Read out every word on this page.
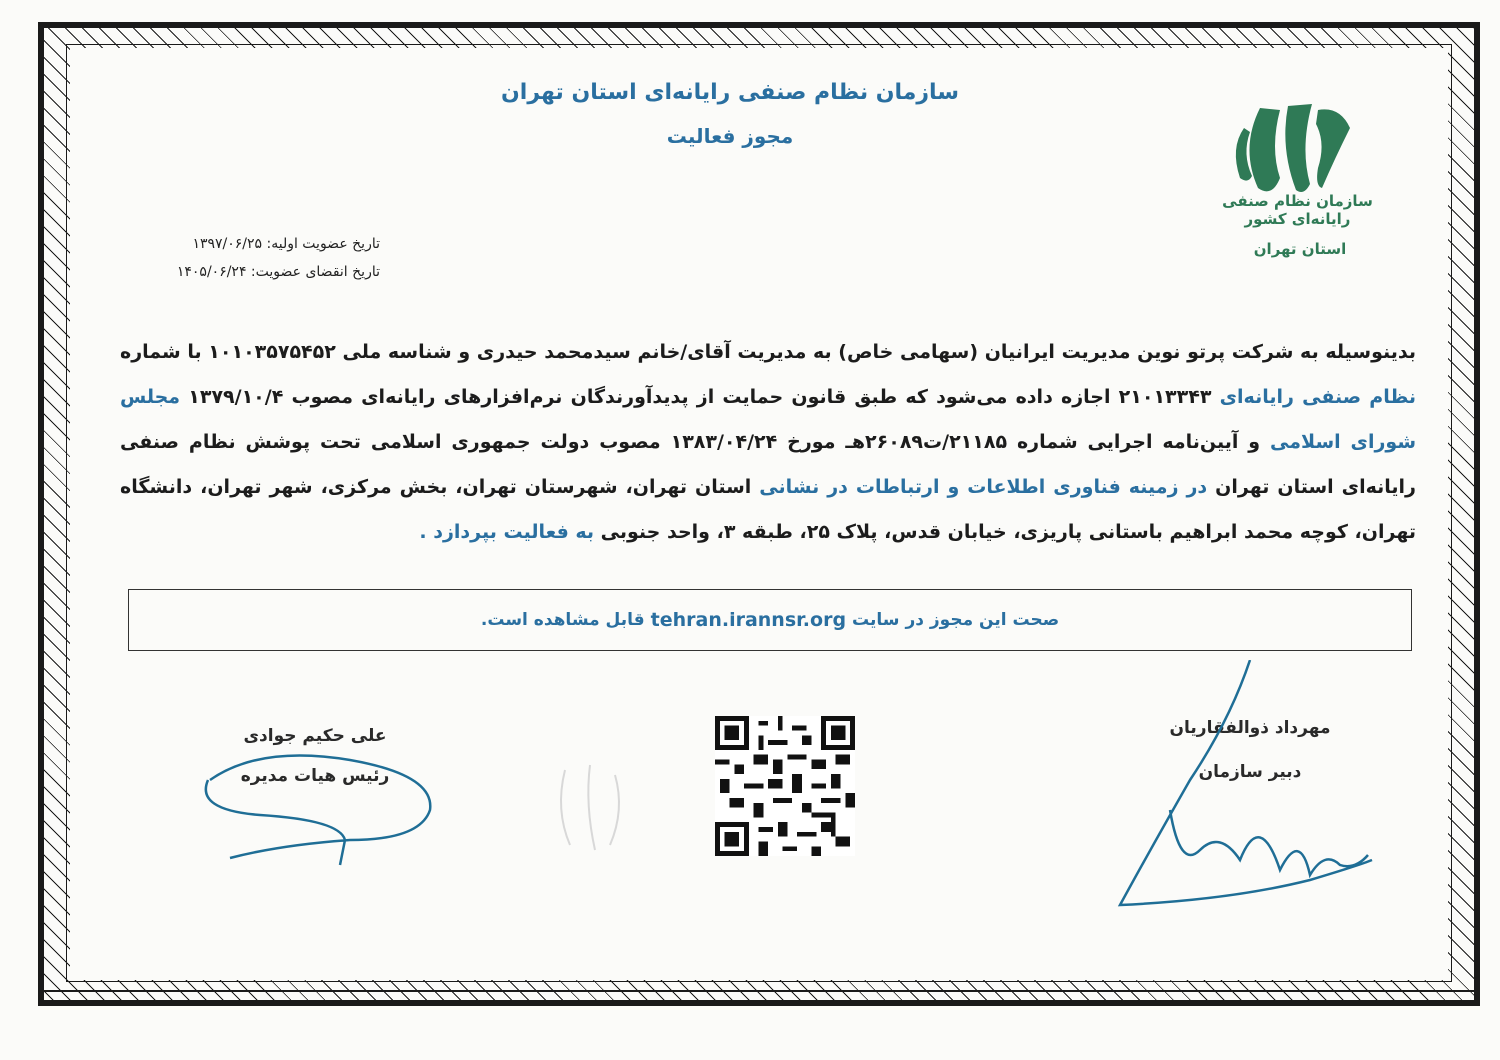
سازمان نظام صنفی رایانه‌ای استان تهران
مجوز فعالیت
سازمان نظام صنفی رایانه‌ای کشور
استان تهران
تاریخ عضویت اولیه: ۱۳۹۷/۰۶/۲۵
تاریخ انقضای عضویت: ۱۴۰۵/۰۶/۲۴
بدینوسیله به شرکت پرتو نوین مدیریت ایرانیان (سهامی خاص) به مدیریت آقای/خانم سیدمحمد حیدری و شناسه ملی ۱۰۱۰۳۵۷۵۴۵۲ با شماره نظام صنفی رایانه‌ای ۲۱۰۱۳۳۴۳ اجازه داده می‌شود که طبق قانون حمایت از پدیدآورندگان نرم‌افزارهای رایانه‌ای مصوب ۱۳۷۹/۱۰/۴ مجلس شورای اسلامی و آیین‌نامه اجرایی شماره ۲۱۱۸۵/ت۲۶۰۸۹هـ مورخ ۱۳۸۳/۰۴/۲۴ مصوب دولت جمهوری اسلامی تحت پوشش نظام صنفی رایانه‌ای استان تهران در زمینه فناوری اطلاعات و ارتباطات در نشانی استان تهران، شهرستان تهران، بخش مرکزی، شهر تهران، دانشگاه تهران، کوچه محمد ابراهیم باستانی پاریزی، خیابان قدس، پلاک ۲۵، طبقه ۳، واحد جنوبی به فعالیت بپردازد .
صحت این مجوز در سایت
tehran.irannsr.org
قابل مشاهده است.
علی حکیم جوادی
رئیس هیات مدیره
مهرداد ذوالفقاریان
دبیر سازمان
